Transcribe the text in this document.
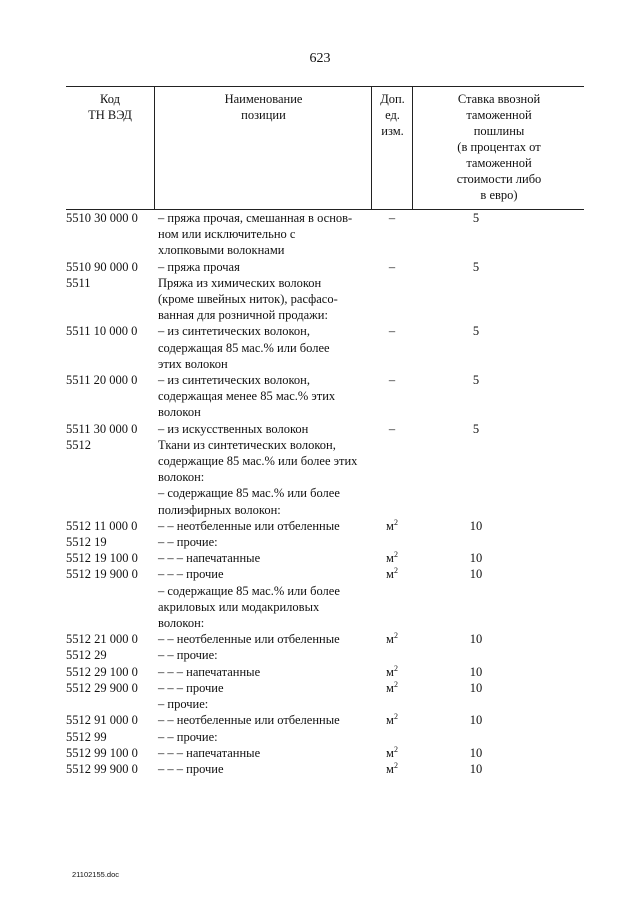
623
Код
ТН ВЭД
Наименование
позиции
Доп.
ед.
изм.
Ставка ввозной
таможенной
пошлины
(в процентах от
таможенной
стоимости либо
в евро)
5510 30 000 0	– пряжа прочая, смешанная в основ-
ном или исключительно с
хлопковыми волокнами
–	5
5510 90 000 0	– пряжа прочая	–	5
5511	Пряжа из химических волокон
(кроме швейных ниток), расфасо-
ванная для розничной продажи:
5511 10 000 0	– из синтетических волокон,
содержащая 85 мас.% или более
этих волокон
–	5
5511 20 000 0	– из синтетических волокон,
содержащая менее 85 мас.% этих
волокон
–	5
5511 30 000 0	– из искусственных волокон	–	5
5512	Ткани из синтетических волокон,
содержащие 85 мас.% или более этих
волокон:
– содержащие 85 мас.% или более
полиэфирных волокон:
5512 11 000 0	– – неотбеленные или отбеленные	$м^2$	10
5512 19	– – прочие:
5512 19 100 0	– – – напечатанные	$м^2$	10
5512 19 900 0	– – – прочие	$м^2$	10
– содержащие 85 мас.% или более
акриловых или модакриловых
волокон:
5512 21 000 0	– – неотбеленные или отбеленные	$м^2$	10
5512 29	– – прочие:
5512 29 100 0	– – – напечатанные	$м^2$	10
5512 29 900 0	– – – прочие	$м^2$	10
– прочие:
5512 91 000 0	– – неотбеленные или отбеленные	$м^2$	10
5512 99	– – прочие:
5512 99 100 0	– – – напечатанные	$м^2$	10
5512 99 900 0	– – – прочие	$м^2$	10
21102155.doc
